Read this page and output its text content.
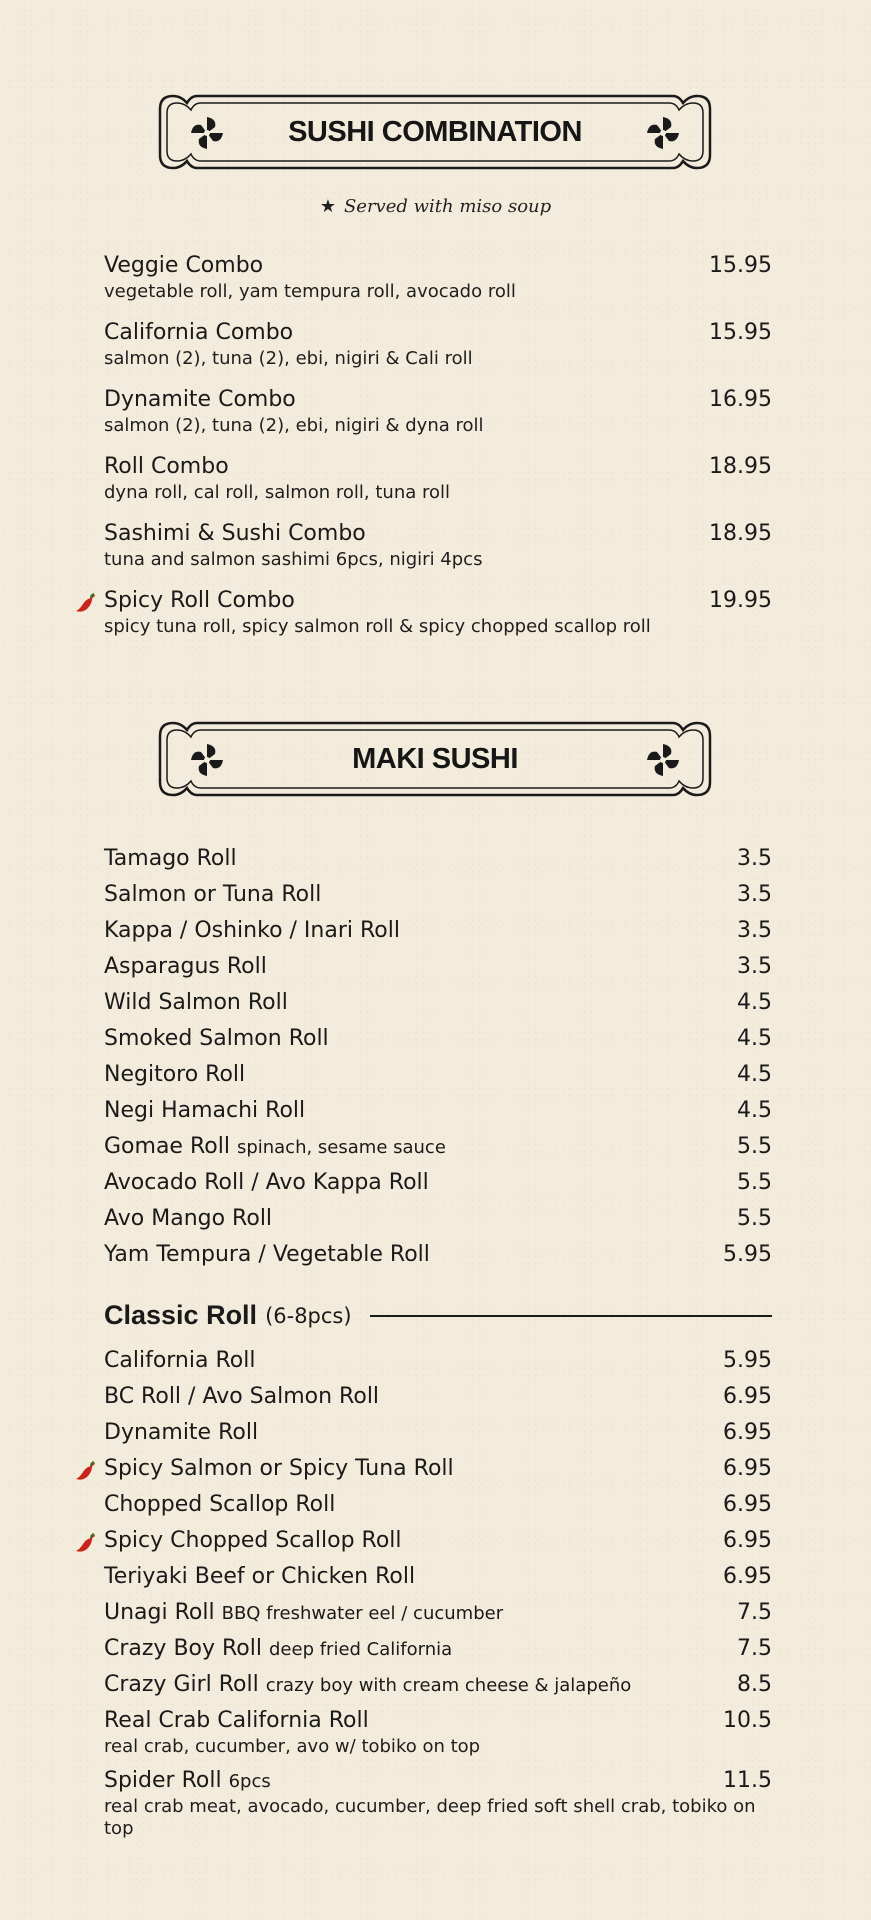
SUSHI COMBINATION
★ Served with miso soup
Veggie Combo	15.95
vegetable roll, yam tempura roll, avocado roll
California Combo	15.95
salmon (2), tuna (2), ebi, nigiri & Cali roll
Dynamite Combo	16.95
salmon (2), tuna (2), ebi, nigiri & dyna roll
Roll Combo	18.95
dyna roll, cal roll, salmon roll, tuna roll
Sashimi & Sushi Combo	18.95
tuna and salmon sashimi 6pcs, nigiri 4pcs
Spicy Roll Combo	19.95
spicy tuna roll, spicy salmon roll & spicy chopped scallop roll
MAKI SUSHI
Tamago Roll	3.5
Salmon or Tuna Roll	3.5
Kappa / Oshinko / Inari Roll	3.5
Asparagus Roll	3.5
Wild Salmon Roll	4.5
Smoked Salmon Roll	4.5
Negitoro Roll	4.5
Negi Hamachi Roll	4.5
Gomae Roll spinach, sesame sauce	5.5
Avocado Roll / Avo Kappa Roll	5.5
Avo Mango Roll	5.5
Yam Tempura / Vegetable Roll	5.95
Classic Roll (6-8pcs)
California Roll	5.95
BC Roll / Avo Salmon Roll	6.95
Dynamite Roll	6.95
Spicy Salmon or Spicy Tuna Roll	6.95
Chopped Scallop Roll	6.95
Spicy Chopped Scallop Roll	6.95
Teriyaki Beef or Chicken Roll	6.95
Unagi Roll BBQ freshwater eel / cucumber	7.5
Crazy Boy Roll deep fried California	7.5
Crazy Girl Roll crazy boy with cream cheese & jalapeño	8.5
Real Crab California Roll	10.5
real crab, cucumber, avo w/ tobiko on top
Spider Roll 6pcs	11.5
real crab meat, avocado, cucumber, deep fried soft shell crab, tobiko on top
